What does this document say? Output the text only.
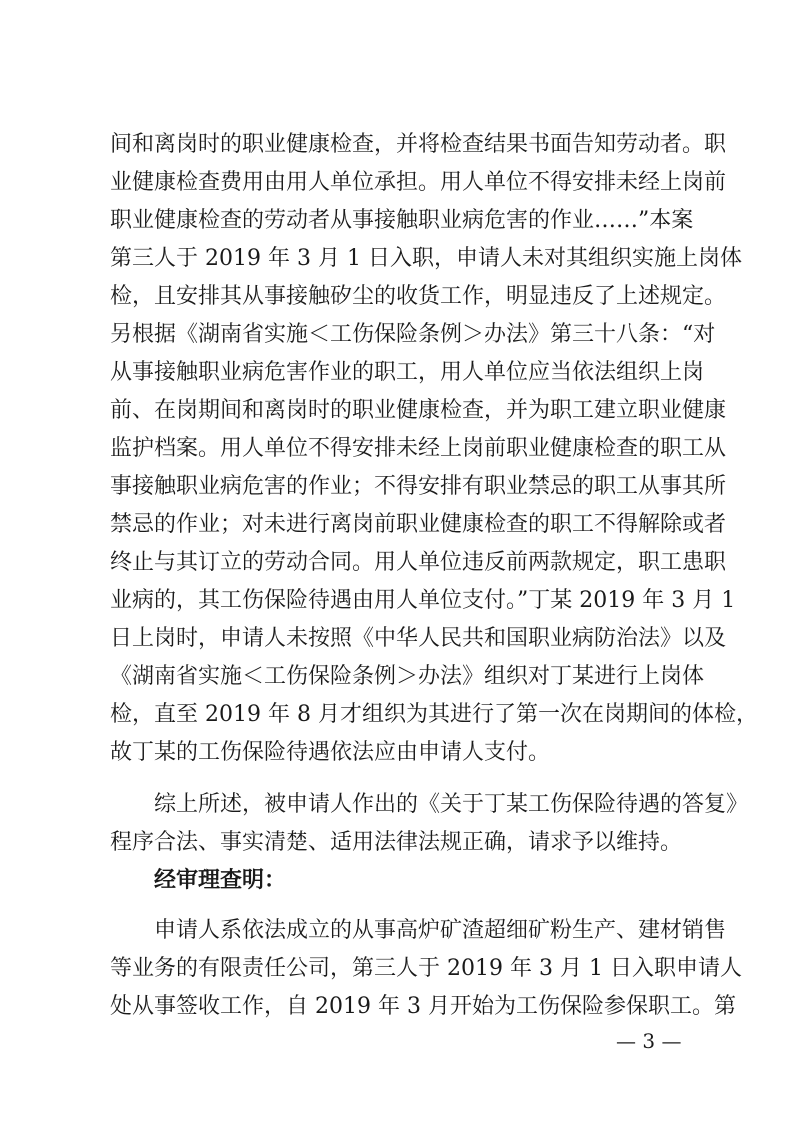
间和离岗时的职业健康检查，并将检查结果书面告知劳动者。职
业健康检查费用由用人单位承担。用人单位不得安排未经上岗前
职业健康检查的劳动者从事接触职业病危害的作业……”本案
第三人于 2019 年 3 月 1 日入职，申请人未对其组织实施上岗体
检，且安排其从事接触矽尘的收货工作，明显违反了上述规定。
另根据《湖南省实施＜工伤保险条例＞办法》第三十八条：“对
从事接触职业病危害作业的职工，用人单位应当依法组织上岗
前、在岗期间和离岗时的职业健康检查，并为职工建立职业健康
监护档案。用人单位不得安排未经上岗前职业健康检查的职工从
事接触职业病危害的作业；不得安排有职业禁忌的职工从事其所
禁忌的作业；对未进行离岗前职业健康检查的职工不得解除或者
终止与其订立的劳动合同。用人单位违反前两款规定，职工患职
业病的，其工伤保险待遇由用人单位支付。”丁某 2019 年 3 月 1
日上岗时，申请人未按照《中华人民共和国职业病防治法》以及
《湖南省实施＜工伤保险条例＞办法》组织对丁某进行上岗体
检，直至 2019 年 8 月才组织为其进行了第一次在岗期间的体检，
故丁某的工伤保险待遇依法应由申请人支付。
综上所述，被申请人作出的《关于丁某工伤保险待遇的答复》
程序合法、事实清楚、适用法律法规正确，请求予以维持。
经审理查明：
申请人系依法成立的从事高炉矿渣超细矿粉生产、建材销售
等业务的有限责任公司，第三人于 2019 年 3 月 1 日入职申请人
处从事签收工作，自 2019 年 3 月开始为工伤保险参保职工。第
— 3 —
